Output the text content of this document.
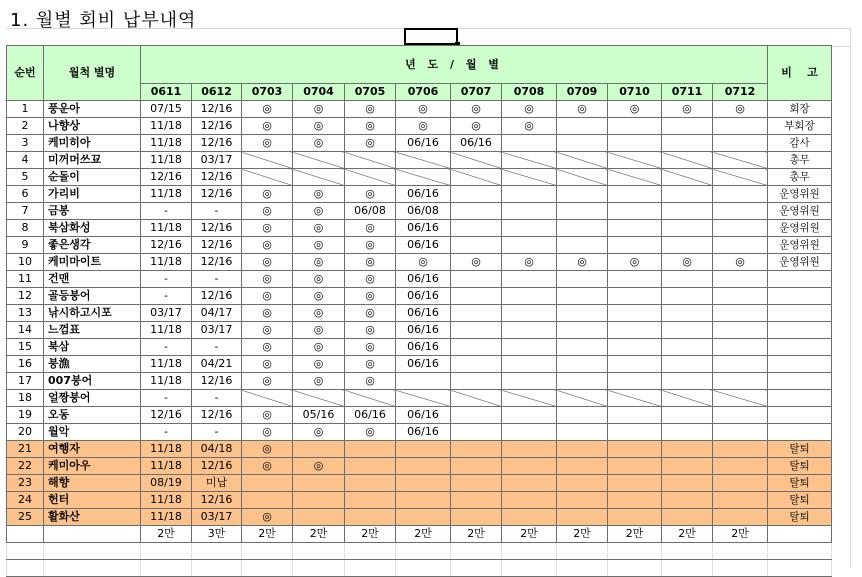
1. 월별 회비 납부내역
순번	월척 별명	년 도 / 월 별												비    고
		0611	0612	0703	0704	0705	0706	0707	0708	0709	0710	0711	0712	
1	풍운아	07/15	12/16	◎	◎	◎	◎	◎	◎	◎	◎	◎	◎	회장
2	나향상	11/18	12/16	◎	◎	◎	◎	◎	◎					부회장
3	케미히아	11/18	12/16	◎	◎	◎	06/16	06/16						감사
4	미꺼머쓰꾜	11/18	03/17											총무
5	순돌이	12/16	12/16											총무
6	가리비	11/18	12/16	◎	◎	◎	06/16							운영위원
7	금봉	-	-	◎	◎	06/08	06/08							운영위원
8	북삼화성	11/18	12/16	◎	◎	◎	06/16							운영위원
9	좋은생각	12/16	12/16	◎	◎	◎	06/16							운영위원
10	케미마이트	11/18	12/16	◎	◎	◎	◎	◎	◎	◎	◎	◎	◎	운영위원
11	건맨	-	-	◎	◎	◎	06/16							
12	골등붕어	-	12/16	◎	◎	◎	06/16							
13	낚시하고시포	03/17	04/17	◎	◎	◎	06/16							
14	느껌표	11/18	03/17	◎	◎	◎	06/16							
15	북삼	-	-	◎	◎	◎	06/16							
16	붕漁	11/18	04/21	◎	◎	◎	06/16							
17	007붕어	11/18	12/16	◎	◎	◎								
18	얼짱붕어	-	-											
19	오동	12/16	12/16	◎	05/16	06/16	06/16							
20	월악	-	-	◎	◎	◎	06/16							
21	여행자	11/18	04/18	◎										탈퇴
22	케미아우	11/18	12/16	◎	◎									탈퇴
23	해향	08/19	미납											탈퇴
24	헌터	11/18	12/16											탈퇴
25	활화산	11/18	03/17	◎										탈퇴
		2만	3만	2만	2만	2만	2만	2만	2만	2만	2만	2만	2만	
